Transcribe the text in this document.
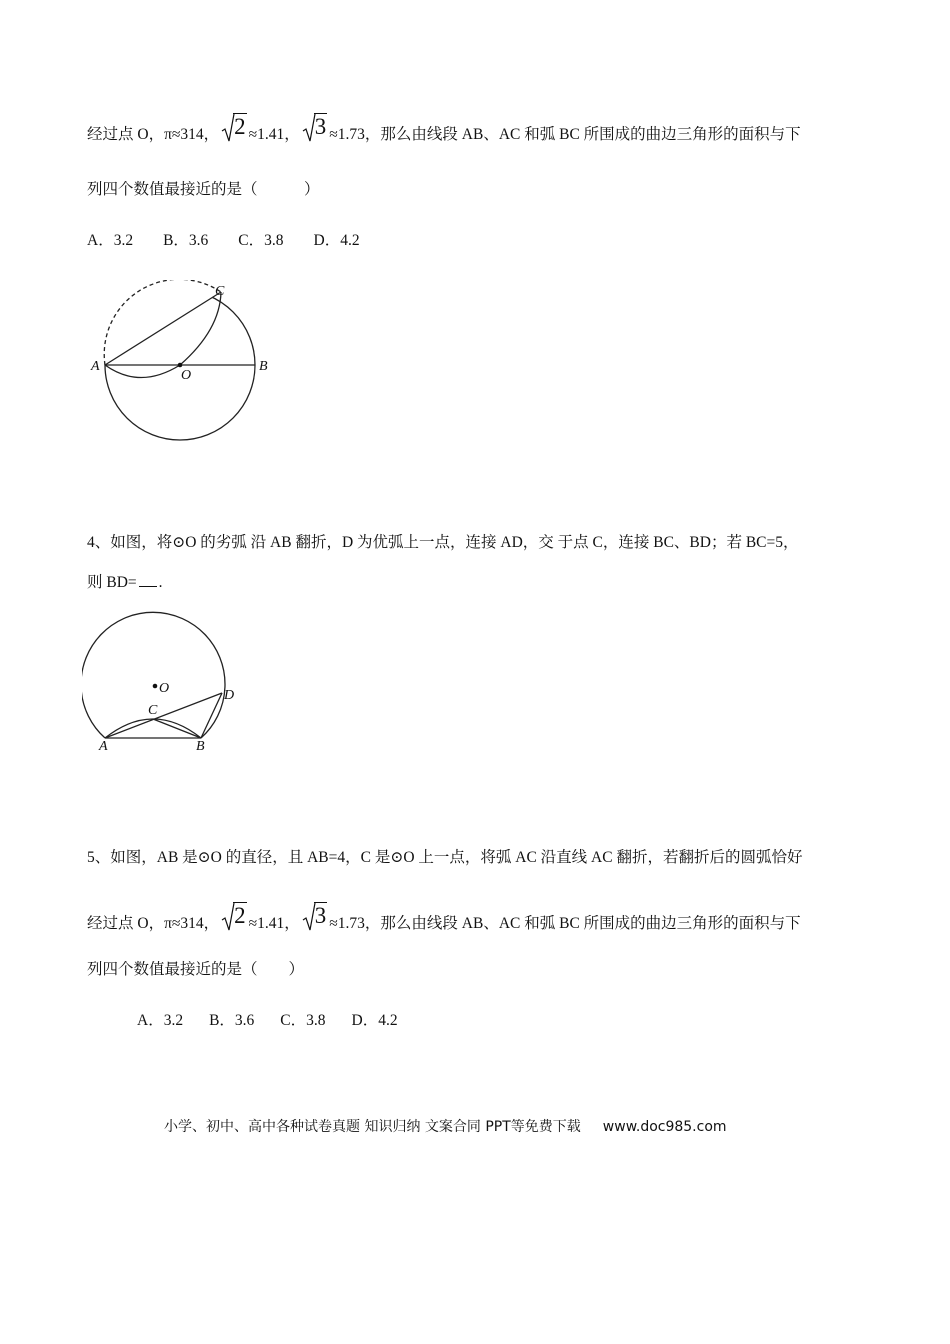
经过点 O，π≈314， 2 ≈1.41， 3 ≈1.73，那么由线段 AB、AC 和弧 BC 所围成的曲边三角形的面积与下
列四个数值最接近的是（　　　）
A．3.2 B．3.6 C．3.8 D．4.2
A	B
C
O
4、如图，将⊙O 的劣弧 沿 AB 翻折，D 为优弧上一点，连接 AD，交 于点 C，连接 BC、BD；若 BC=5，
则 BD= .
A	B
C
D
O
5、如图，AB 是⊙O 的直径，且 AB=4，C 是⊙O 上一点，将弧 AC 沿直线 AC 翻折，若翻折后的圆弧恰好
经过点 O，π≈314， 2 ≈1.41， 3 ≈1.73，那么由线段 AB、AC 和弧 BC 所围成的曲边三角形的面积与下
列四个数值最接近的是（　　）
A．3.2 B．3.6 C．3.8 D．4.2
小学、初中、高中各种试卷真题 知识归纳 文案合同 PPT等免费下载 www.doc985.com
